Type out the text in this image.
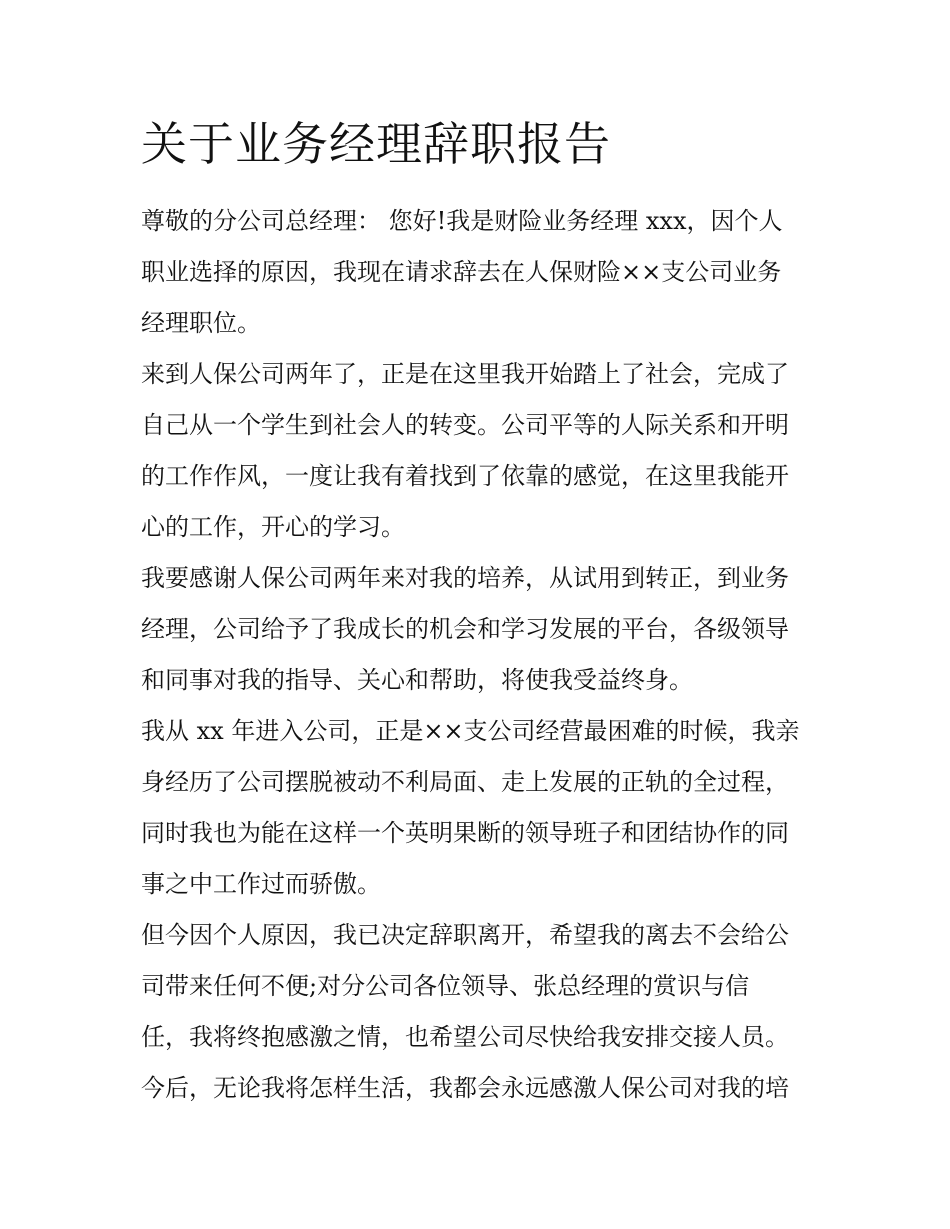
关于业务经理辞职报告
尊敬的分公司总经理： 您好!我是财险业务经理 xxx，因个人
职业选择的原因，我现在请求辞去在人保财险××支公司业务
经理职位。
来到人保公司两年了，正是在这里我开始踏上了社会，完成了
自己从一个学生到社会人的转变。公司平等的人际关系和开明
的工作作风，一度让我有着找到了依靠的感觉，在这里我能开
心的工作，开心的学习。
我要感谢人保公司两年来对我的培养，从试用到转正，到业务
经理，公司给予了我成长的机会和学习发展的平台，各级领导
和同事对我的指导、关心和帮助，将使我受益终身。
我从 xx 年进入公司，正是××支公司经营最困难的时候，我亲
身经历了公司摆脱被动不利局面、走上发展的正轨的全过程，
同时我也为能在这样一个英明果断的领导班子和团结协作的同
事之中工作过而骄傲。
但今因个人原因，我已决定辞职离开，希望我的离去不会给公
司带来任何不便;对分公司各位领导、张总经理的赏识与信
任，我将终抱感激之情，也希望公司尽快给我安排交接人员。
今后，无论我将怎样生活，我都会永远感激人保公司对我的培
